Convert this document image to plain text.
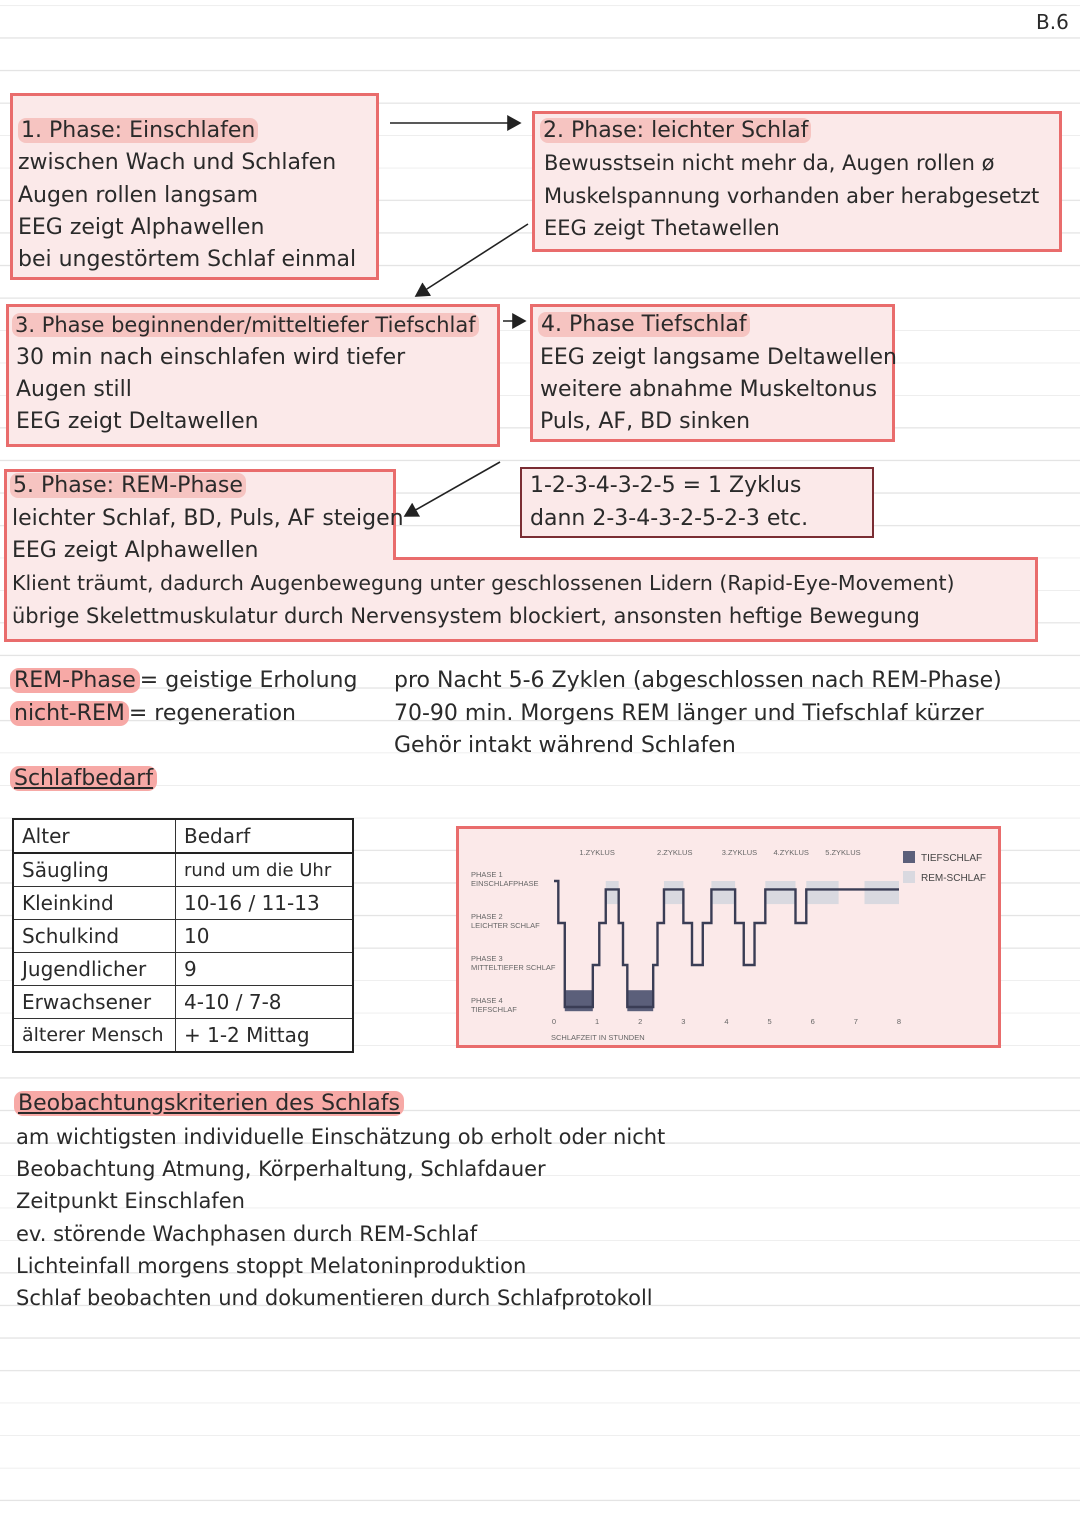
B.6
1. Phase: Einschlafen
zwischen Wach und Schlafen
Augen rollen langsam
EEG zeigt Alphawellen
bei ungestörtem Schlaf einmal
2. Phase: leichter Schlaf
Bewusstsein nicht mehr da, Augen rollen ø
Muskelspannung vorhanden aber herabgesetzt
EEG zeigt Thetawellen
3. Phase beginnender/mitteltiefer Tiefschlaf
30 min nach einschlafen wird tiefer
Augen still
EEG zeigt Deltawellen
4. Phase Tiefschlaf
EEG zeigt langsame Deltawellen
weitere abnahme Muskeltonus
Puls, AF, BD sinken
5. Phase: REM-Phase
leichter Schlaf, BD, Puls, AF steigen
EEG zeigt Alphawellen
Klient träumt, dadurch Augenbewegung unter geschlossenen Lidern (Rapid-Eye-Movement)
übrige Skelettmuskulatur durch Nervensystem blockiert, ansonsten heftige Bewegung
1-2-3-4-3-2-5 = 1 Zyklus
dann 2-3-4-3-2-5-2-3 etc.
REM-Phase = geistige Erholung
nicht-REM = regeneration
pro Nacht 5-6 Zyklen (abgeschlossen nach REM-Phase)
70-90 min. Morgens REM länger und Tiefschlaf kürzer
Gehör intakt während Schlafen
Schlafbedarf
Alter	Bedarf
Säugling	rund um die Uhr
Kleinkind	10-16 / 11-13
Schulkind	10
Jugendlicher	9
Erwachsener	4-10 / 7-8
älterer Mensch	+ 1-2 Mittag
PHASE 1 EINSCHLAFPHASE
PHASE 2 LEICHTER SCHLAF
PHASE 3 MITTELTIEFER SCHLAF
PHASE 4 TIEFSCHLAF
1.ZYKLUS	2.ZYKLUS	3.ZYKLUS 4.ZYKLUS 5.ZYKLUS
0	1	2	3	4	5	6	7	8
SCHLAFZEIT IN STUNDEN
TIEFSCHLAF
REM-SCHLAF
Beobachtungskriterien des Schlafs
am wichtigsten individuelle Einschätzung ob erholt oder nicht
Beobachtung Atmung, Körperhaltung, Schlafdauer
Zeitpunkt Einschlafen
ev. störende Wachphasen durch REM-Schlaf
Lichteinfall morgens stoppt Melatoninproduktion
Schlaf beobachten und dokumentieren durch Schlafprotokoll
